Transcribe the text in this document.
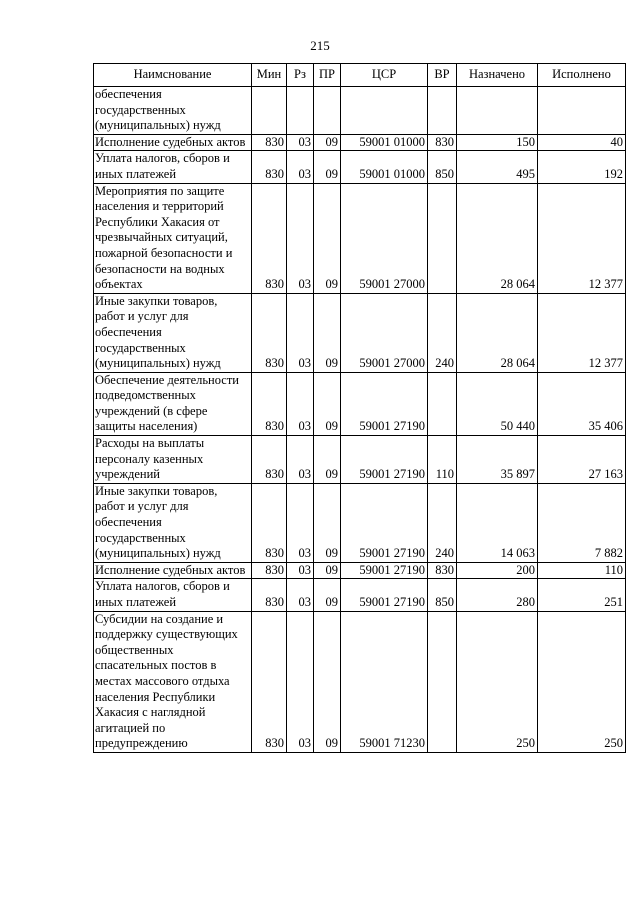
215
Наимснование	Мин	Рз	ПР	ЦСР	ВР	Назначено	Исполнено
обеспечения государственных (муниципальных) нужд							
Исполнение судебных актов	830	03	09	59001 01000	830	150	40
Уплата налогов, сборов и иных платежей	830	03	09	59001 01000	850	495	192
Мероприятия по защите населения и территорий Республики Хакасия от чрезвычайных ситуаций, пожарной безопасности и безопасности на водных объектах	830	03	09	59001 27000		28 064	12 377
Иные закупки товаров, работ и услуг для обеспечения государственных (муниципальных) нужд	830	03	09	59001 27000	240	28 064	12 377
Обеспечение деятельности подведомственных учреждений (в сфере защиты населения)	830	03	09	59001 27190		50 440	35 406
Расходы на выплаты персоналу казенных учреждений	830	03	09	59001 27190	110	35 897	27 163
Иные закупки товаров, работ и услуг для обеспечения государственных (муниципальных) нужд	830	03	09	59001 27190	240	14 063	7 882
Исполнение судебных актов	830	03	09	59001 27190	830	200	110
Уплата налогов, сборов и иных платежей	830	03	09	59001 27190	850	280	251
Субсидии на создание и поддержку существующих общественных спасательных постов в местах массового отдыха населения Республики Хакасия с наглядной агитацией по предупреждению	830	03	09	59001 71230		250	250
